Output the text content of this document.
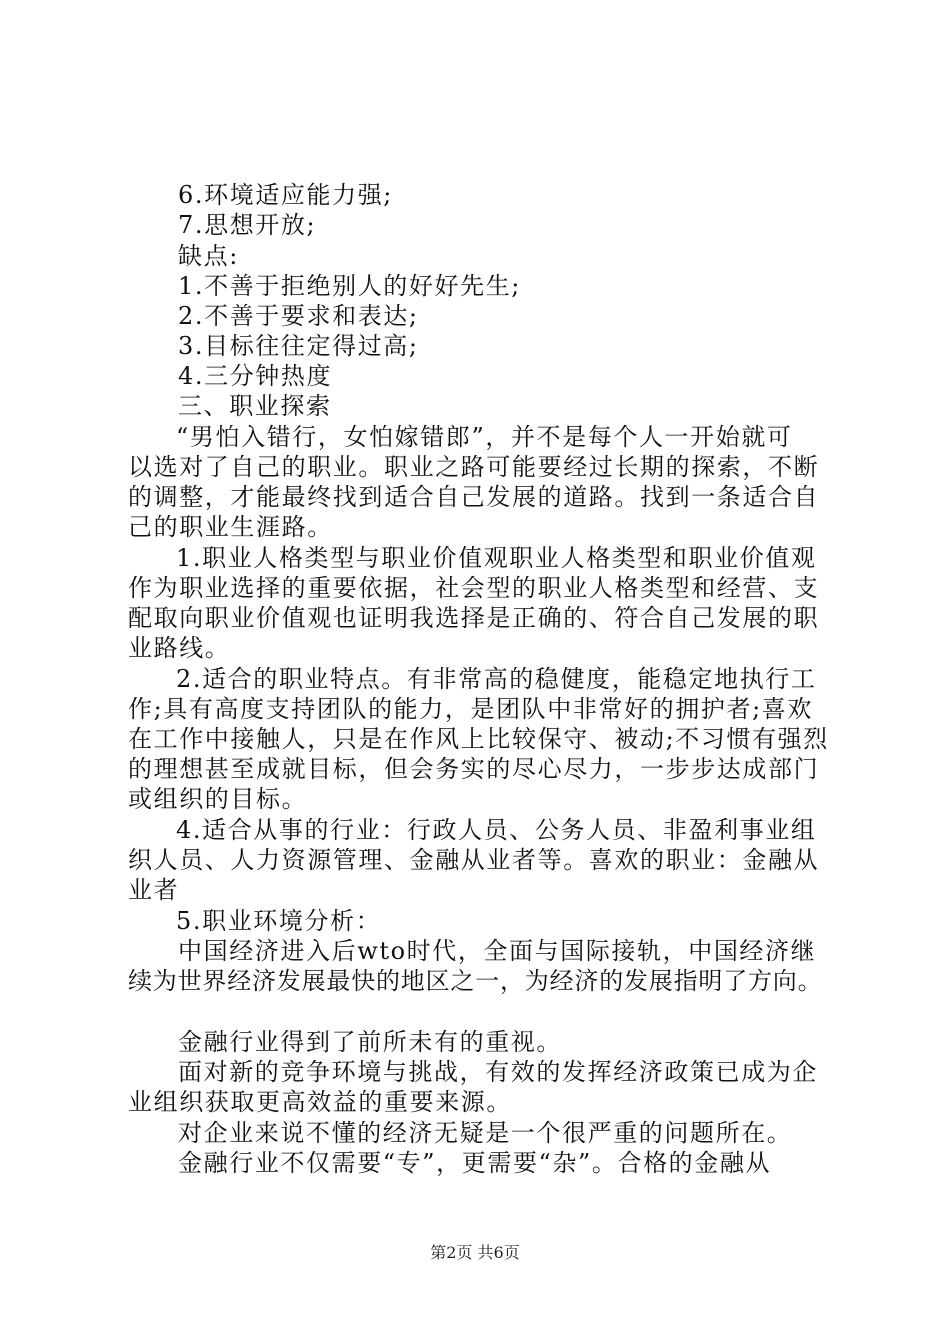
6.环境适应能力强;
7.思想开放;
缺点:
1.不善于拒绝别人的好好先生;
2.不善于要求和表达;
3.目标往往定得过高;
4.三分钟热度
三、职业探索
“男怕入错行，女怕嫁错郎”，并不是每个人一开始就可
以选对了自己的职业。职业之路可能要经过长期的探索，不断
的调整，才能最终找到适合自己发展的道路。找到一条适合自
己的职业生涯路。
1.职业人格类型与职业价值观职业人格类型和职业价值观
作为职业选择的重要依据，社会型的职业人格类型和经营、支
配取向职业价值观也证明我选择是正确的、符合自己发展的职
业路线。
2.适合的职业特点。有非常高的稳健度，能稳定地执行工
作;具有高度支持团队的能力，是团队中非常好的拥护者;喜欢
在工作中接触人，只是在作风上比较保守、被动;不习惯有强烈
的理想甚至成就目标，但会务实的尽心尽力，一步步达成部门
或组织的目标。
4.适合从事的行业：行政人员、公务人员、非盈利事业组
织人员、人力资源管理、金融从业者等。喜欢的职业：金融从
业者
5.职业环境分析：
中国经济进入后wto时代，全面与国际接轨，中国经济继
续为世界经济发展最快的地区之一，为经济的发展指明了方向。
金融行业得到了前所未有的重视。
面对新的竞争环境与挑战，有效的发挥经济政策已成为企
业组织获取更高效益的重要来源。
对企业来说不懂的经济无疑是一个很严重的问题所在。
金融行业不仅需要“专”，更需要“杂”。合格的金融从
第2页 共6页
